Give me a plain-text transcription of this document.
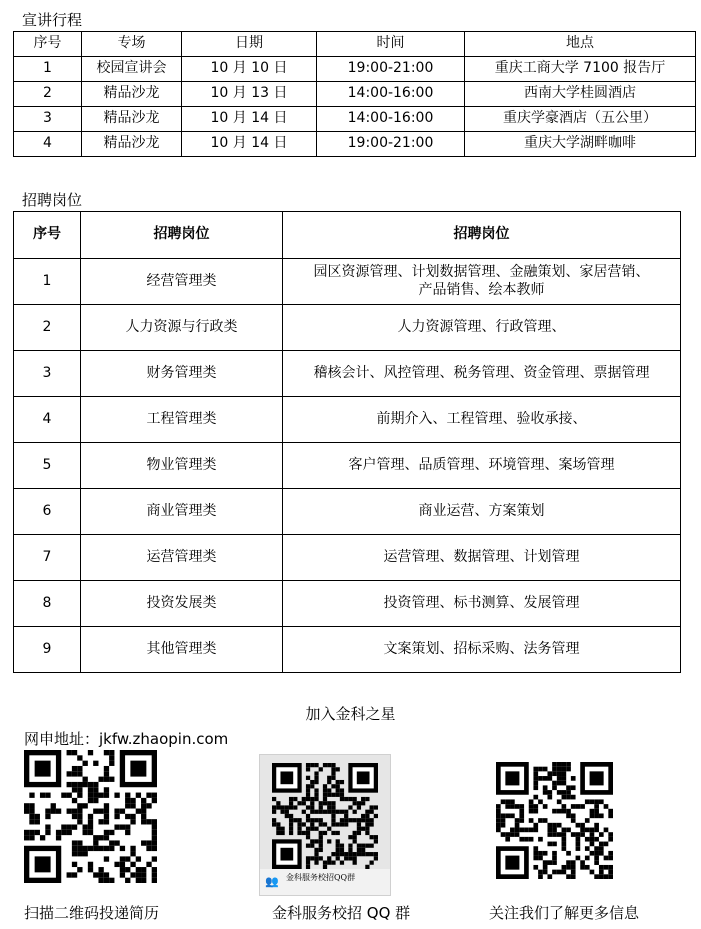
宣讲行程
序号	专场	日期	时间	地点
1	校园宣讲会	10 月 10 日	19:00-21:00	重庆工商大学 7100 报告厅
2	精品沙龙	10 月 13 日	14:00-16:00	西南大学桂圆酒店
3	精品沙龙	10 月 14 日	14:00-16:00	重庆学豪酒店（五公里）
4	精品沙龙	10 月 14 日	19:00-21:00	重庆大学湖畔咖啡
招聘岗位
序号	招聘岗位	招聘岗位
1	经营管理类	园区资源管理、计划数据管理、金融策划、家居营销、
产品销售、绘本教师
2	人力资源与行政类	人力资源管理、行政管理、
3	财务管理类	稽核会计、风控管理、税务管理、资金管理、票据管理
4	工程管理类	前期介入、工程管理、验收承接、
5	物业管理类	客户管理、品质管理、环境管理、案场管理
6	商业管理类	商业运营、方案策划
7	运营管理类	运营管理、数据管理、计划管理
8	投资发展类	投资管理、标书测算、发展管理
9	其他管理类	文案策划、招标采购、法务管理
加入金科之星
网申地址：jkfw.zhaopin.com
👥 金科服务校招QQ群
扫描二维码投递简历	金科服务校招 QQ 群	关注我们了解更多信息
